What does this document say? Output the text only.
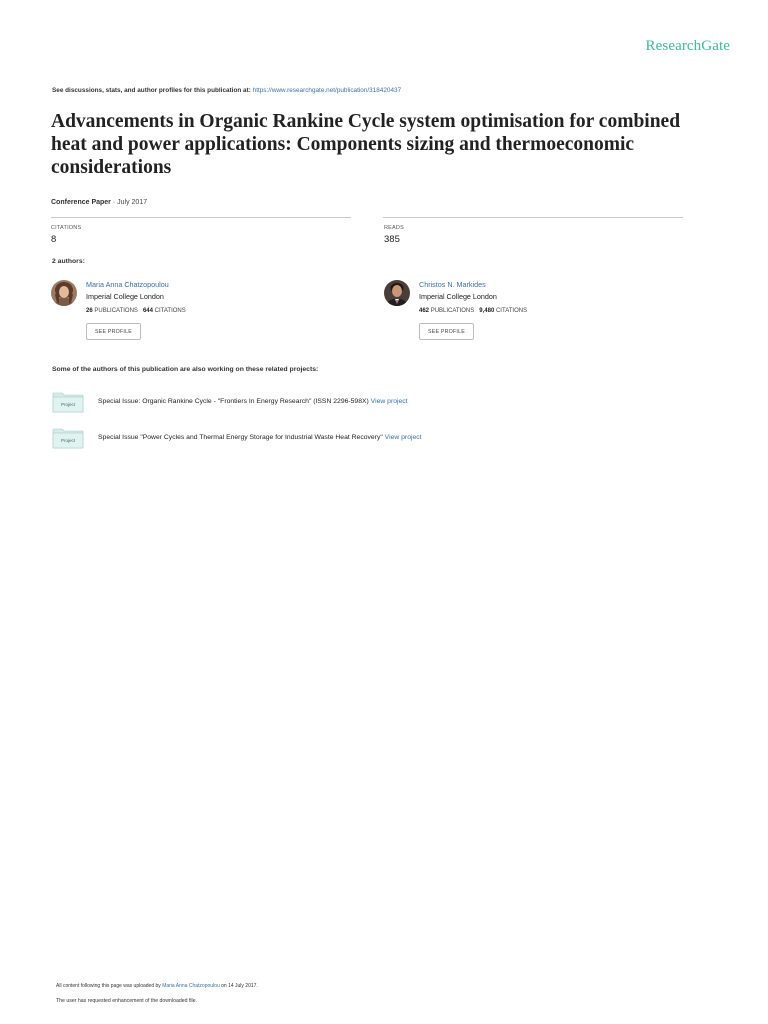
ResearchGate
See discussions, stats, and author profiles for this publication at: https://www.researchgate.net/publication/318420437
Advancements in Organic Rankine Cycle system optimisation for combined heat and power applications: Components sizing and thermoeconomic considerations
Conference Paper · July 2017
CITATIONS
8
READS
385
2 authors:
Maria Anna Chatzopoulou
Imperial College London
26 PUBLICATIONS 644 CITATIONS
SEE PROFILE
Christos N. Markides
Imperial College London
462 PUBLICATIONS 9,480 CITATIONS
SEE PROFILE
Some of the authors of this publication are also working on these related projects:
Project	Special Issue: Organic Rankine Cycle - "Frontiers In Energy Research" (ISSN 2296-598X) View project
Project	Special Issue "Power Cycles and Thermal Energy Storage for Industrial Waste Heat Recovery" View project
All content following this page was uploaded by Maria Anna Chatzopoulou on 14 July 2017.
The user has requested enhancement of the downloaded file.
